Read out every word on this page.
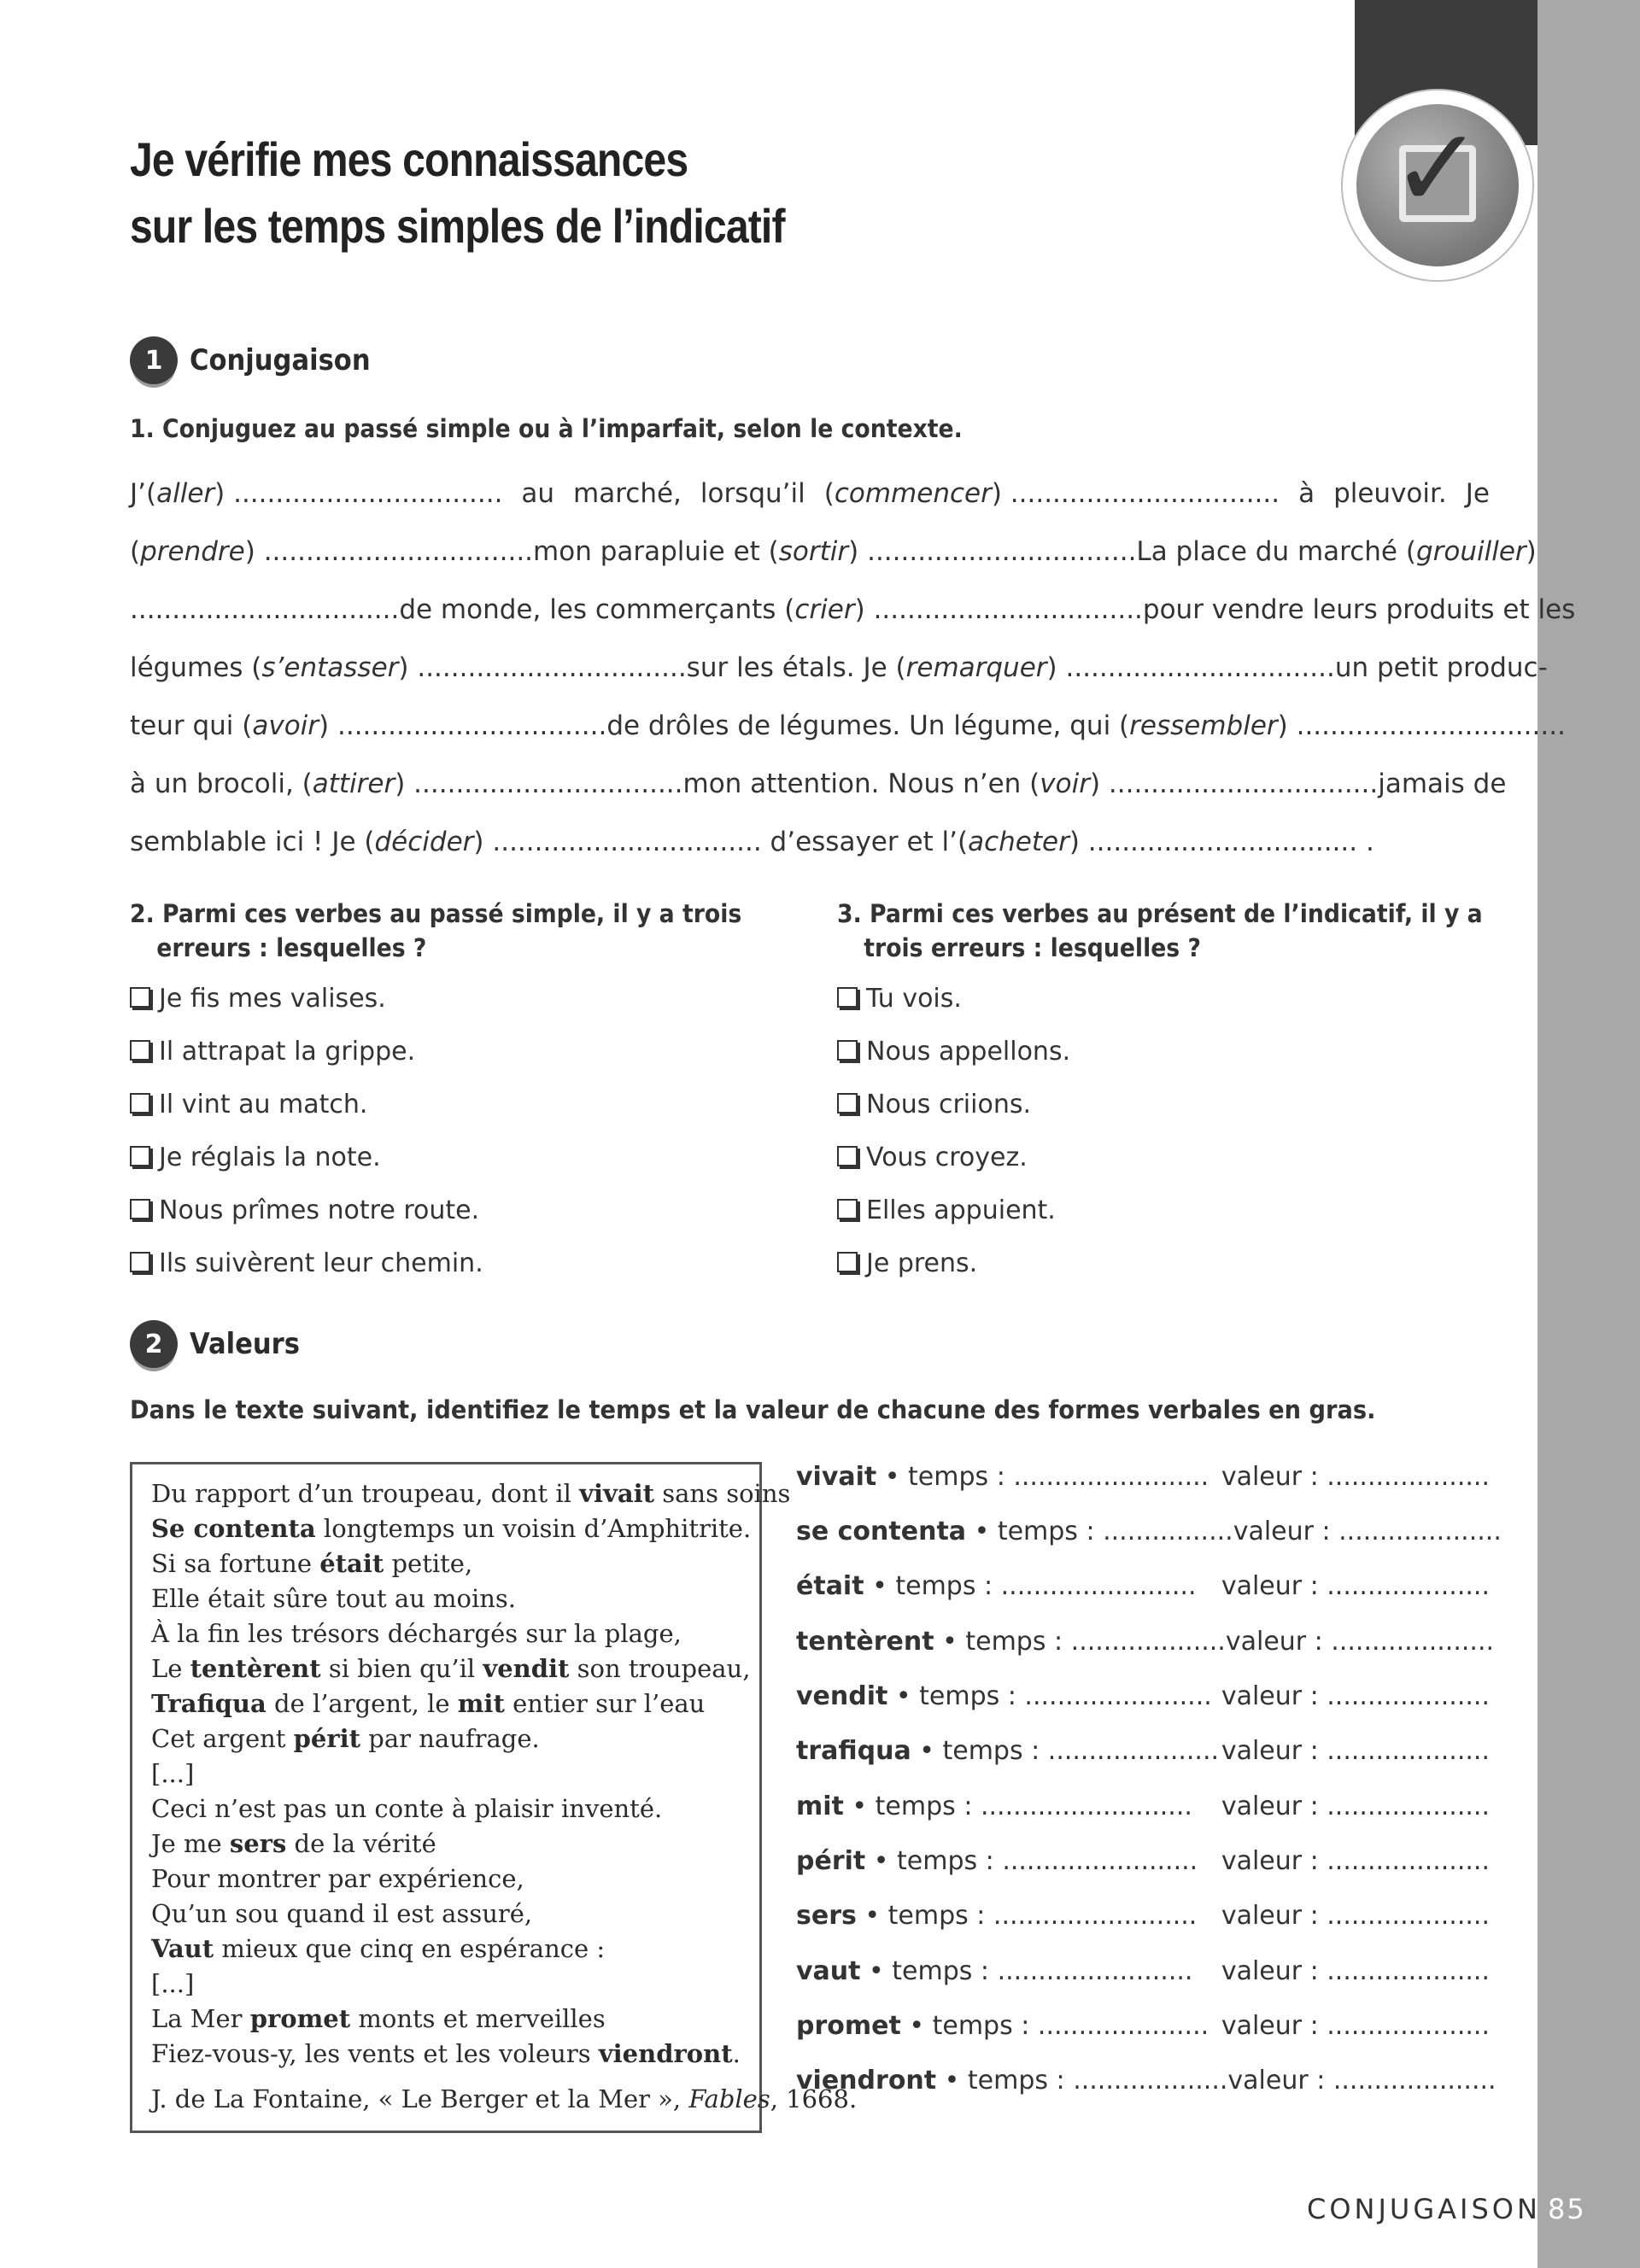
✓
Je vérifie mes connaissances
sur les temps simples de l’indicatif
1 Conjugaison
1. Conjuguez au passé simple ou à l’imparfait, selon le contexte.
J’(aller) ................................ au marché, lorsqu’il (commencer) ................................ à pleuvoir. Je
(prendre) ................................ mon parapluie et (sortir) ................................ La place du marché (grouiller)
................................ de monde, les commerçants (crier) ................................ pour vendre leurs produits et les
légumes (s’entasser) ................................ sur les étals. Je (remarquer) ................................ un petit produc-
teur qui (avoir) ................................ de drôles de légumes. Un légume, qui (ressembler) ................................
à un brocoli, (attirer) ................................ mon attention. Nous n’en (voir) ................................ jamais de
semblable ici ! Je (décider) ................................ d’essayer et l’(acheter) ................................ .
2. Parmi ces verbes au passé simple, il y a trois
erreurs : lesquelles ?
Je fis mes valises.
Il attrapat la grippe.
Il vint au match.
Je réglais la note.
Nous prîmes notre route.
Ils suivèrent leur chemin.
3. Parmi ces verbes au présent de l’indicatif, il y a
trois erreurs : lesquelles ?
Tu vois.
Nous appellons.
Nous criions.
Vous croyez.
Elles appuient.
Je prens.
2 Valeurs
Dans le texte suivant, identifiez le temps et la valeur de chacune des formes verbales en gras.
Du rapport d’un troupeau, dont il vivait sans soins
Se contenta longtemps un voisin d’Amphitrite.
Si sa fortune était petite,
Elle était sûre tout au moins.
À la fin les trésors déchargés sur la plage,
Le tentèrent si bien qu’il vendit son troupeau,
Trafiqua de l’argent, le mit entier sur l’eau
Cet argent périt par naufrage.
[...]
Ceci n’est pas un conte à plaisir inventé.
Je me sers de la vérité
Pour montrer par expérience,
Qu’un sou quand il est assuré,
Vaut mieux que cinq en espérance :
[...]
La Mer promet monts et merveilles
Fiez-vous-y, les vents et les voleurs viendront.
J. de La Fontaine, « Le Berger et la Mer », Fables, 1668.
vivait • temps : ........................ valeur : ....................
se contenta • temps : ................ valeur : ....................
était • temps : ........................ valeur : ....................
tentèrent • temps : ................... valeur : ....................
vendit • temps : ....................... valeur : ....................
trafiqua • temps : ..................... valeur : ....................
mit • temps : .......................... valeur : ....................
périt • temps : ........................ valeur : ....................
sers • temps : ......................... valeur : ....................
vaut • temps : ........................ valeur : ....................
promet • temps : ..................... valeur : ....................
viendront • temps : ................... valeur : ....................
CONJUGAISON 85
